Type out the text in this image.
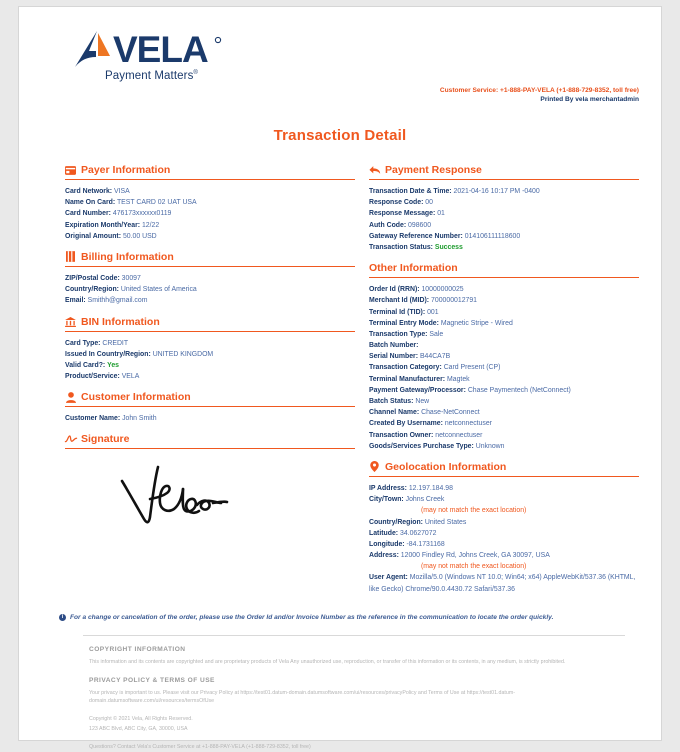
VELA
Payment Matters®
Customer Service: +1-888-PAY-VELA (+1-888-729-8352, toll free)
Printed By vela merchantadmin
Transaction Detail
Payer Information
Card Network: VISA
Name On Card: TEST CARD 02 UAT USA
Card Number: 476173xxxxxx0119
Expiration Month/Year: 12/22
Original Amount: 50.00 USD
Billing Information
ZIP/Postal Code: 30097
Country/Region: United States of America
Email: Smithh@gmail.com
BIN Information
Card Type: CREDIT
Issued In Country/Region: UNITED KINGDOM
Valid Card?: Yes
Product/Service: VELA
Customer Information
Customer Name: John Smith
Signature
Payment Response
Transaction Date & Time: 2021-04-16 10:17 PM -0400
Response Code: 00
Response Message: 01
Auth Code: 098600
Gateway Reference Number: 014106111118600
Transaction Status: Success
Other Information
Order Id (RRN): 10000000025
Merchant Id (MID): 700000012791
Terminal Id (TID): 001
Terminal Entry Mode: Magnetic Stripe - Wired
Transaction Type: Sale
Batch Number:
Serial Number: B44CA7B
Transaction Category: Card Present (CP)
Terminal Manufacturer: Magtek
Payment Gateway/Processor: Chase Paymentech (NetConnect)
Batch Status: New
Channel Name: Chase-NetConnect
Created By Username: netconnectuser
Transaction Owner: netconnectuser
Goods/Services Purchase Type: Unknown
Geolocation Information
IP Address: 12.197.184.98
City/Town: Johns Creek
(may not match the exact location)
Country/Region: United States
Latitude: 34.0627072
Longitude: -84.1731168
Address: 12000 Findley Rd, Johns Creek, GA 30097, USA
(may not match the exact location)
User Agent: Mozilla/5.0 (Windows NT 10.0; Win64; x64) AppleWebKit/537.36 (KHTML, like Gecko) Chrome/90.0.4430.72 Safari/537.36
i	For a change or cancelation of the order, please use the Order Id and/or Invoice Number as the reference in the communication to locate the order quickly.
COPYRIGHT INFORMATION

This information and its contents are copyrighted and are proprietary products of Vela Any unauthorized use, reproduction, or transfer of this information or its contents, in any medium, is strictly prohibited.

PRIVACY POLICY & TERMS OF USE

Your privacy is important to us. Please visit our Privacy Policy at https://test01.datum-domain.datumsoftware.com/ui/resources/privacyPolicy and Terms of Use at https://test01.datum-domain.datumsoftware.com/ui/resources/termsOfUse

Copyright © 2021 Vela, All Rights Reserved.

123 ABC Blvd, ABC City, GA, 30000, USA

Questions? Contact Vela's Customer Service at +1-888-PAY-VELA (+1-888-729-8352, toll free)
